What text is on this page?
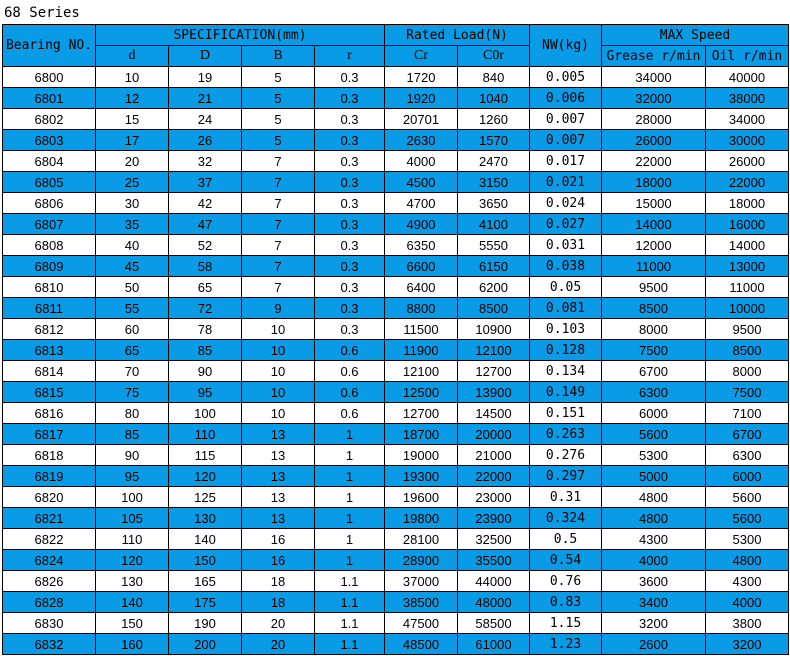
68 Series
Bearing NO.	SPECIFICATION(mm)				Rated Load(N)		NW(kg)	MAX Speed	
	d	D	B	r	Cr	C0r		Grease r/min	Oil r/min
6800	10	19	5	0.3	1720	840	0.005	34000	40000
6801	12	21	5	0.3	1920	1040	0.006	32000	38000
6802	15	24	5	0.3	20701	1260	0.007	28000	34000
6803	17	26	5	0.3	2630	1570	0.007	26000	30000
6804	20	32	7	0.3	4000	2470	0.017	22000	26000
6805	25	37	7	0.3	4500	3150	0.021	18000	22000
6806	30	42	7	0.3	4700	3650	0.024	15000	18000
6807	35	47	7	0.3	4900	4100	0.027	14000	16000
6808	40	52	7	0.3	6350	5550	0.031	12000	14000
6809	45	58	7	0.3	6600	6150	0.038	11000	13000
6810	50	65	7	0.3	6400	6200	0.05	9500	11000
6811	55	72	9	0.3	8800	8500	0.081	8500	10000
6812	60	78	10	0.3	11500	10900	0.103	8000	9500
6813	65	85	10	0.6	11900	12100	0.128	7500	8500
6814	70	90	10	0.6	12100	12700	0.134	6700	8000
6815	75	95	10	0.6	12500	13900	0.149	6300	7500
6816	80	100	10	0.6	12700	14500	0.151	6000	7100
6817	85	110	13	1	18700	20000	0.263	5600	6700
6818	90	115	13	1	19000	21000	0.276	5300	6300
6819	95	120	13	1	19300	22000	0.297	5000	6000
6820	100	125	13	1	19600	23000	0.31	4800	5600
6821	105	130	13	1	19800	23900	0.324	4800	5600
6822	110	140	16	1	28100	32500	0.5	4300	5300
6824	120	150	16	1	28900	35500	0.54	4000	4800
6826	130	165	18	1.1	37000	44000	0.76	3600	4300
6828	140	175	18	1.1	38500	48000	0.83	3400	4000
6830	150	190	20	1.1	47500	58500	1.15	3200	3800
6832	160	200	20	1.1	48500	61000	1.23	2600	3200
